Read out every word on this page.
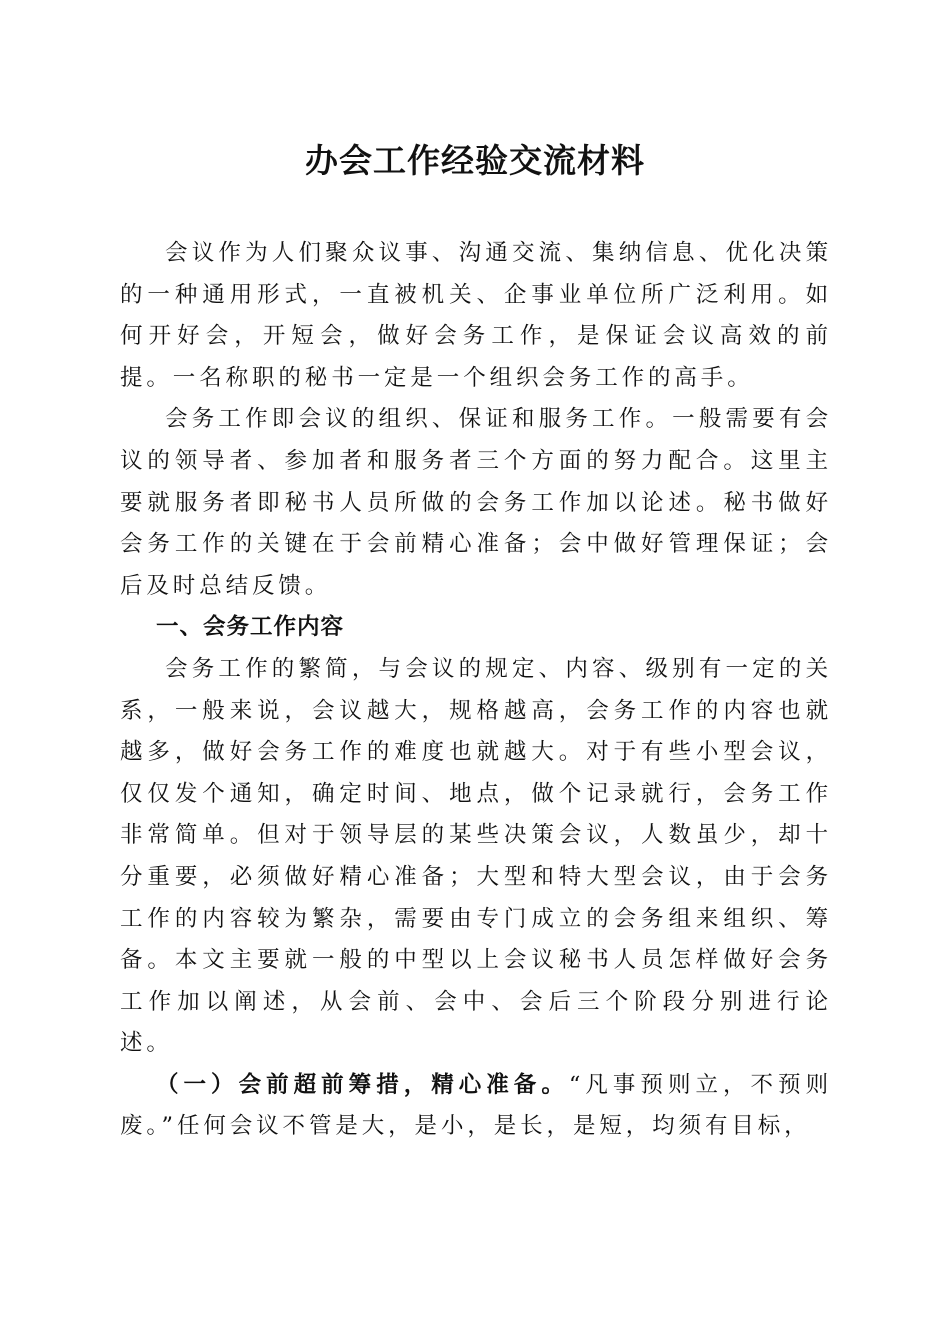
办会工作经验交流材料

会议作为人们聚众议事、沟通交流、集纳信息、优化决策的一种通用形式，一直被机关、企事业单位所广泛利用。如何开好会，开短会，做好会务工作，是保证会议高效的前提。一名称职的秘书一定是一个组织会务工作的高手。

会务工作即会议的组织、保证和服务工作。一般需要有会议的领导者、参加者和服务者三个方面的努力配合。这里主要就服务者即秘书人员所做的会务工作加以论述。秘书做好会务工作的关键在于会前精心准备；会中做好管理保证；会后及时总结反馈。

一、会务工作内容

会务工作的繁简，与会议的规定、内容、级别有一定的关系，一般来说，会议越大，规格越高，会务工作的内容也就越多，做好会务工作的难度也就越大。对于有些小型会议，仅仅发个通知，确定时间、地点，做个记录就行，会务工作非常简单。但对于领导层的某些决策会议，人数虽少，却十分重要，必须做好精心准备；大型和特大型会议，由于会务工作的内容较为繁杂，需要由专门成立的会务组来组织、筹备。本文主要就一般的中型以上会议秘书人员怎样做好会务工作加以阐述，从会前、会中、会后三个阶段分别进行论述。

（一）会前超前筹措，精心准备。“凡事预则立，不预则废。”任何会议不管是大，是小，是长，是短，均须有目标，
